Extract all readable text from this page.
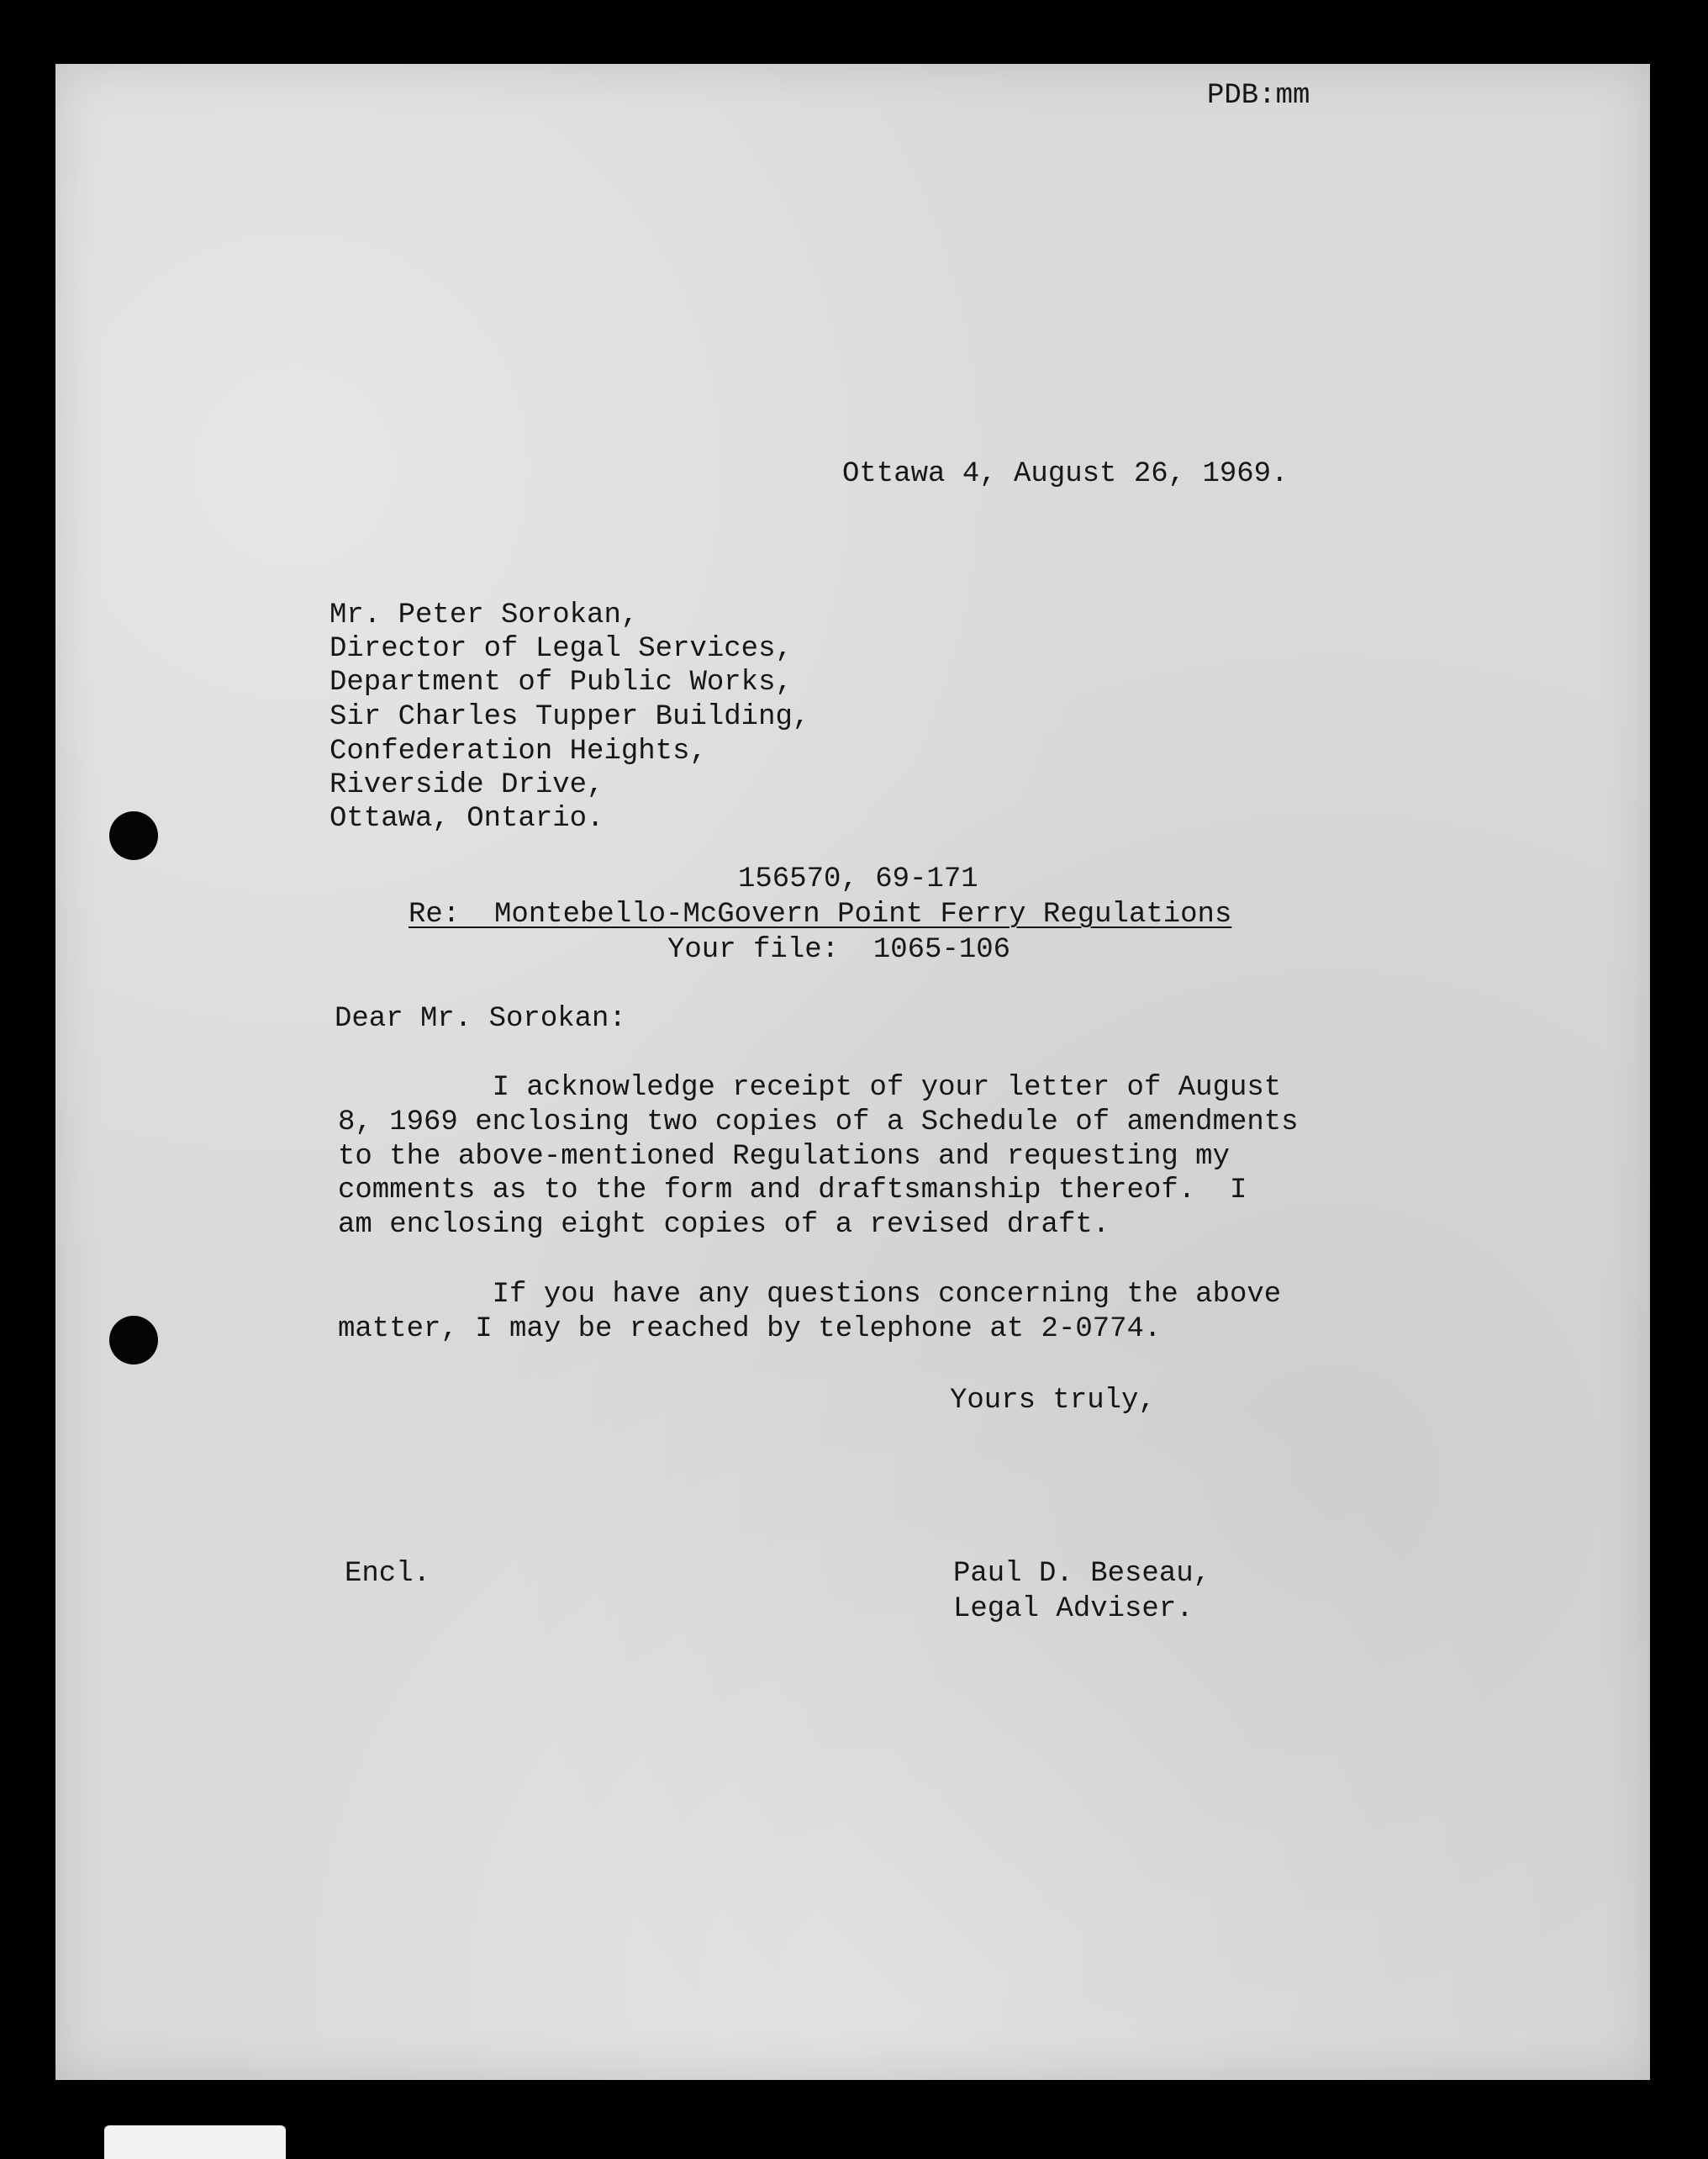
PDB:mm

Ottawa 4, August 26, 1969.

Mr. Peter Sorokan,

Director of Legal Services,

Department of Public Works,

Sir Charles Tupper Building,

Confederation Heights,

Riverside Drive,

Ottawa, Ontario.

156570, 69-171

Re:  Montebello-McGovern Point Ferry Regulations

Your file:  1065-106

Dear Mr. Sorokan:

I acknowledge receipt of your letter of August

8, 1969 enclosing two copies of a Schedule of amendments

to the above-mentioned Regulations and requesting my

comments as to the form and draftsmanship thereof.  I

am enclosing eight copies of a revised draft.

If you have any questions concerning the above

matter, I may be reached by telephone at 2-0774.

Yours truly,

Encl.	Paul D. Beseau,

Legal Adviser.
